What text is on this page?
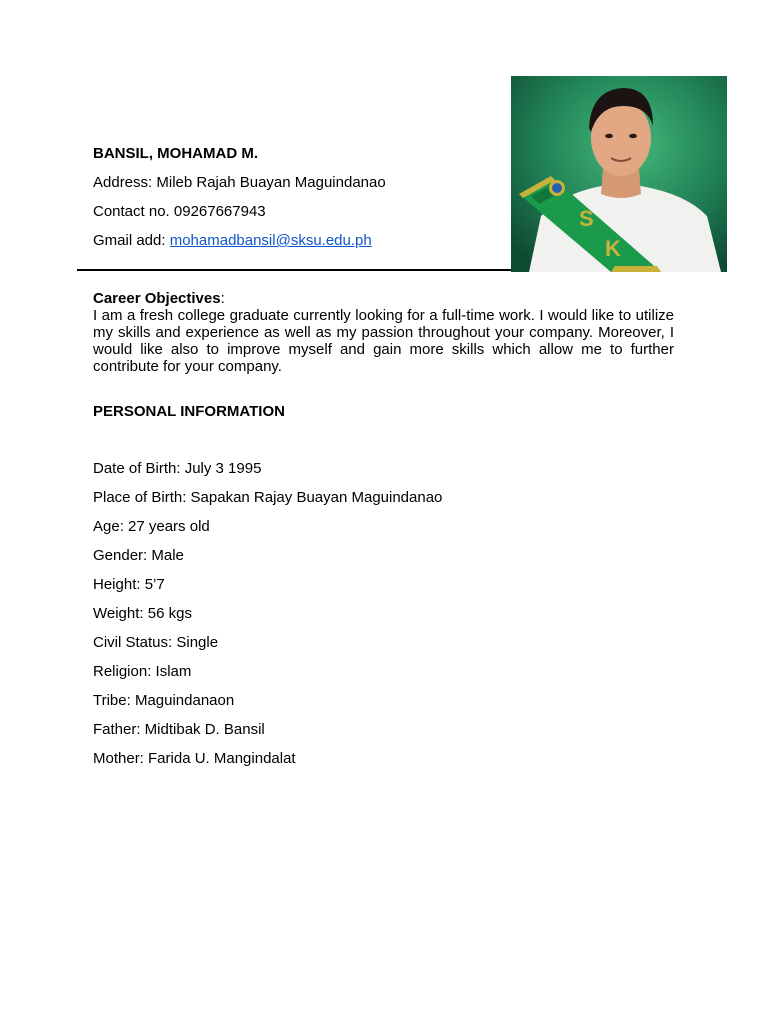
BANSIL, MOHAMAD M.
Address: Mileb Rajah Buayan Maguindanao
Contact no. 09267667943
Gmail add: mohamadbansil@sksu.edu.ph
S
K
Career Objectives:

I am a fresh college graduate currently looking for a full-time work. I would like to utilize my skills and experience as well as my passion throughout your company. Moreover, I would like also to improve myself and gain more skills which allow me to further contribute for your company.

PERSONAL INFORMATION
Date of Birth: July 3 1995
Place of Birth: Sapakan Rajay Buayan Maguindanao
Age: 27 years old
Gender: Male
Height: 5’7
Weight: 56 kgs
Civil Status: Single
Religion: Islam
Tribe: Maguindanaon
Father: Midtibak D. Bansil
Mother: Farida U. Mangindalat
